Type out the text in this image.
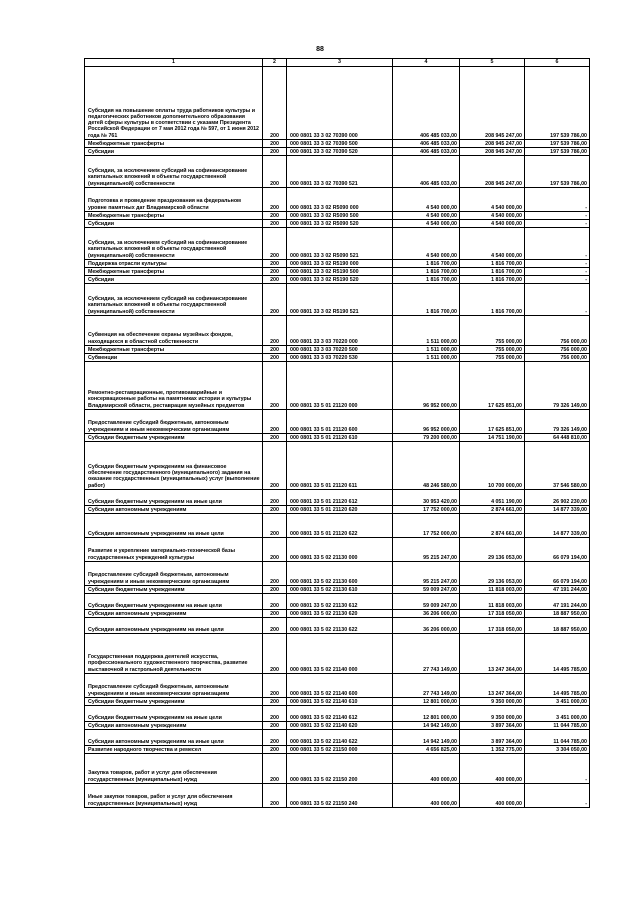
88
1	2	3	4	5	6
Субсидия на повышение оплаты труда работников культуры и педагогических работников дополнительного образования детей сферы культуры в соответствии с указами Президента Российской Федерации от 7 мая 2012 года № 597, от 1 июня 2012 года № 761	200	000 0801 33 3 02 70390 000	406 485 033,00	208 945 247,00	197 539 786,00
Межбюджетные трансферты	200	000 0801 33 3 02 70390 500	406 485 033,00	208 945 247,00	197 539 786,00
Субсидии	200	000 0801 33 3 02 70390 520	406 485 033,00	208 945 247,00	197 539 786,00
Субсидии, за исключением субсидий на софинансирование капитальных вложений в объекты государственной (муниципальной) собственности	200	000 0801 33 3 02 70390 521	406 485 033,00	208 945 247,00	197 539 786,00
Подготовка и проведение празднования на федеральном уровне памятных дат Владимирской области	200	000 0801 33 3 02 R5090 000	4 540 000,00	4 540 000,00	-
Межбюджетные трансферты	200	000 0801 33 3 02 R5090 500	4 540 000,00	4 540 000,00	-
Субсидии	200	000 0801 33 3 02 R5090 520	4 540 000,00	4 540 000,00	-
Субсидии, за исключением субсидий на софинансирование капитальных вложений в объекты государственной (муниципальной) собственности	200	000 0801 33 3 02 R5090 521	4 540 000,00	4 540 000,00	-
Поддержка отрасли культуры	200	000 0801 33 3 02 R5190 000	1 816 700,00	1 816 700,00	-
Межбюджетные трансферты	200	000 0801 33 3 02 R5190 500	1 816 700,00	1 816 700,00	-
Субсидии	200	000 0801 33 3 02 R5190 520	1 816 700,00	1 816 700,00	-
Субсидии, за исключением субсидий на софинансирование капитальных вложений в объекты государственной (муниципальной) собственности	200	000 0801 33 3 02 R5190 521	1 816 700,00	1 816 700,00	-
Субвенция на обеспечение охраны музейных фондов, находящихся в областной собственности	200	000 0801 33 3 03 70220 000	1 511 000,00	755 000,00	756 000,00
Межбюджетные трансферты	200	000 0801 33 3 03 70220 500	1 511 000,00	755 000,00	756 000,00
Субвенции	200	000 0801 33 3 03 70220 530	1 511 000,00	755 000,00	756 000,00
Ремонтно-реставрационные, противоаварийные и консервационные работы на памятниках истории и культуры Владимирской области, реставрация музейных предметов	200	000 0801 33 5 01 21120 000	96 952 000,00	17 625 851,00	79 326 149,00
Предоставление субсидий бюджетным, автономным учреждениям и иным некоммерческим организациям	200	000 0801 33 5 01 21120 600	96 952 000,00	17 625 851,00	79 326 149,00
Субсидии бюджетным учреждениям	200	000 0801 33 5 01 21120 610	79 200 000,00	14 751 190,00	64 448 810,00
Субсидии бюджетным учреждениям на финансовое обеспечение государственного (муниципального) задания на оказание государственных (муниципальных) услуг (выполнение работ)	200	000 0801 33 5 01 21120 611	48 246 580,00	10 700 000,00	37 546 580,00
Субсидии бюджетным учреждениям на иные цели	200	000 0801 33 5 01 21120 612	30 953 420,00	4 051 190,00	26 902 230,00
Субсидии автономным учреждениям	200	000 0801 33 5 01 21120 620	17 752 000,00	2 874 661,00	14 877 339,00
Субсидии автономным учреждениям на иные цели	200	000 0801 33 5 01 21120 622	17 752 000,00	2 874 661,00	14 877 339,00
Развитие и укрепление материально-технической базы государственных учреждений культуры	200	000 0801 33 5 02 21130 000	95 215 247,00	29 136 053,00	66 079 194,00
Предоставление субсидий бюджетным, автономным учреждениям и иным некоммерческим организациям	200	000 0801 33 5 02 21130 600	95 215 247,00	29 136 053,00	66 079 194,00
Субсидии бюджетным учреждениям	200	000 0801 33 5 02 21130 610	59 009 247,00	11 818 003,00	47 191 244,00
Субсидии бюджетным учреждениям на иные цели	200	000 0801 33 5 02 21130 612	59 009 247,00	11 818 003,00	47 191 244,00
Субсидии автономным учреждениям	200	000 0801 33 5 02 21130 620	36 206 000,00	17 318 050,00	18 887 950,00
Субсидии автономным учреждениям на иные цели	200	000 0801 33 5 02 21130 622	36 206 000,00	17 318 050,00	18 887 950,00
Государственная поддержка деятелей искусства, профессионального художественного творчества, развитие выставочной и гастрольной деятельности	200	000 0801 33 5 02 21140 000	27 743 149,00	13 247 364,00	14 495 785,00
Предоставление субсидий бюджетным, автономным учреждениям и иным некоммерческим организациям	200	000 0801 33 5 02 21140 600	27 743 149,00	13 247 364,00	14 495 785,00
Субсидии бюджетным учреждениям	200	000 0801 33 5 02 21140 610	12 801 000,00	9 350 000,00	3 451 000,00
Субсидии бюджетным учреждениям на иные цели	200	000 0801 33 5 02 21140 612	12 801 000,00	9 350 000,00	3 451 000,00
Субсидии автономным учреждениям	200	000 0801 33 5 02 21140 620	14 942 149,00	3 897 364,00	11 044 785,00
Субсидии автономным учреждениям на иные цели	200	000 0801 33 5 02 21140 622	14 942 149,00	3 897 364,00	11 044 785,00
Развитие народного творчества и ремесел	200	000 0801 33 5 02 21150 000	4 656 825,00	1 352 775,00	3 304 050,00
Закупка товаров, работ и услуг для обеспечения государственных (муниципальных) нужд	200	000 0801 33 5 02 21150 200	400 000,00	400 000,00	-
Иные закупки товаров, работ и услуг для обеспечения государственных (муниципальных) нужд	200	000 0801 33 5 02 21150 240	400 000,00	400 000,00	-
